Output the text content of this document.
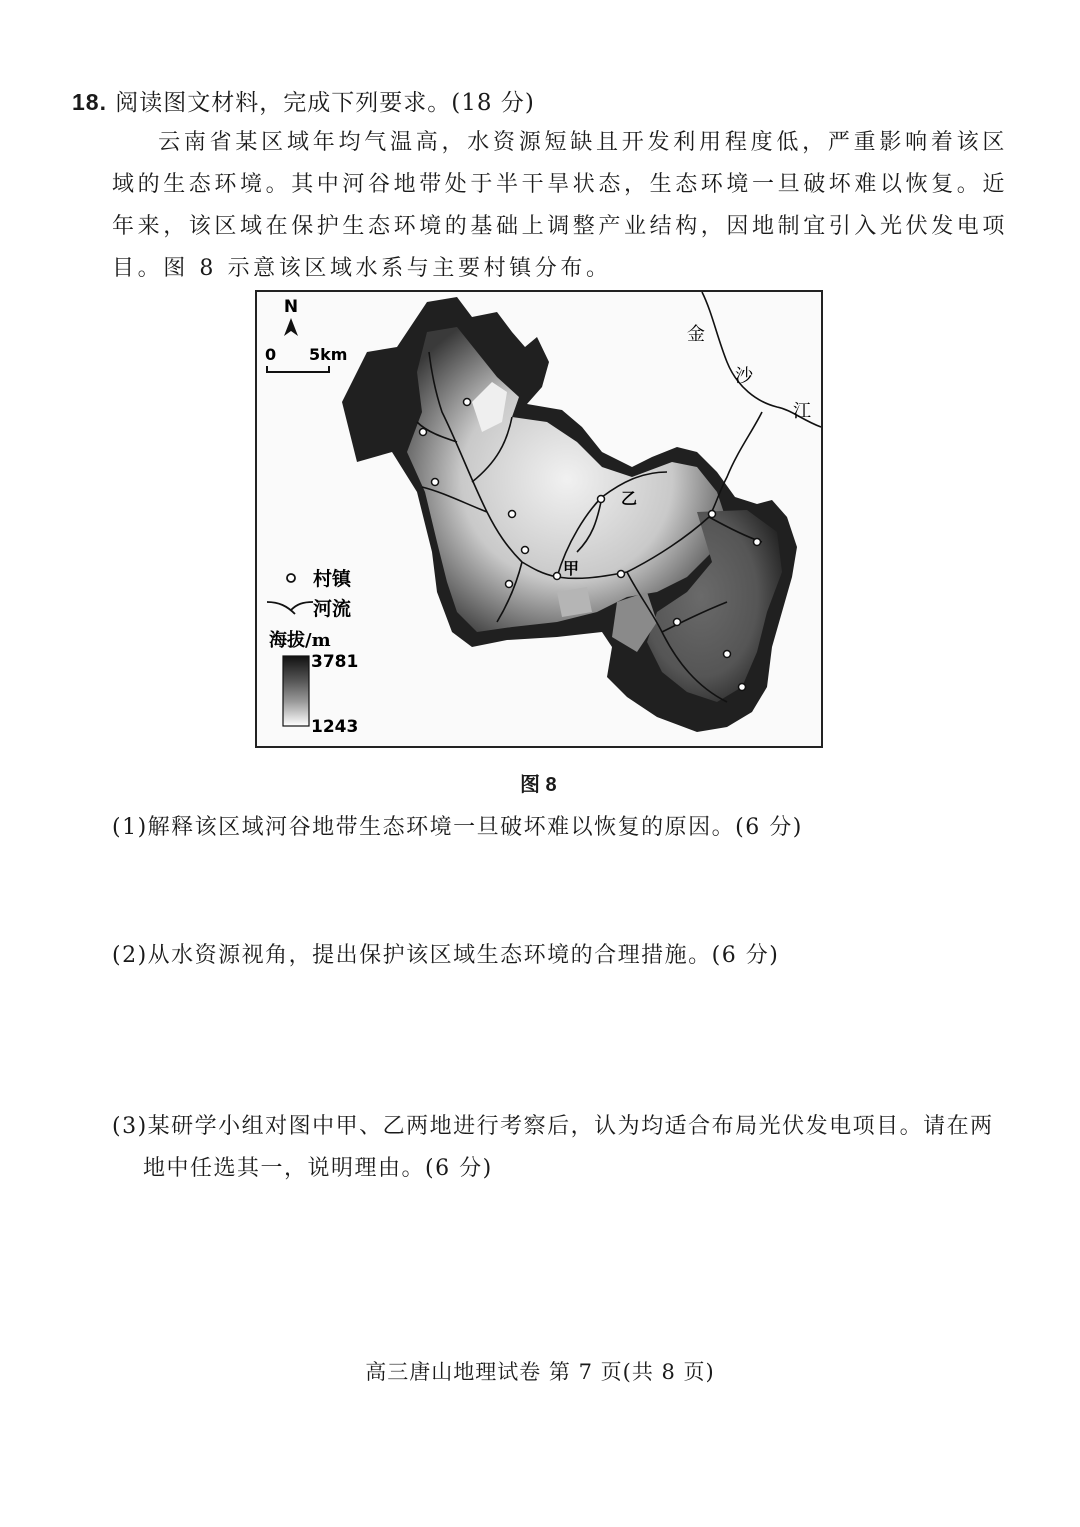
18. 阅读图文材料，完成下列要求。(18 分)
云南省某区域年均气温高，水资源短缺且开发利用程度低，严重影响着该区域的生态环境。其中河谷地带处于半干旱状态，生态环境一旦破坏难以恢复。近年来，该区域在保护生态环境的基础上调整产业结构，因地制宜引入光伏发电项目。图 8 示意该区域水系与主要村镇分布。
N
0 5km
金
沙
江
甲
乙
村镇
河流
海拔/m
3781
1243
图 8
(1)解释该区域河谷地带生态环境一旦破坏难以恢复的原因。(6 分)
(2)从水资源视角，提出保护该区域生态环境的合理措施。(6 分)
(3)某研学小组对图中甲、乙两地进行考察后，认为均适合布局光伏发电项目。请在两
地中任选其一，说明理由。(6 分)
高三唐山地理试卷 第 7 页(共 8 页)
